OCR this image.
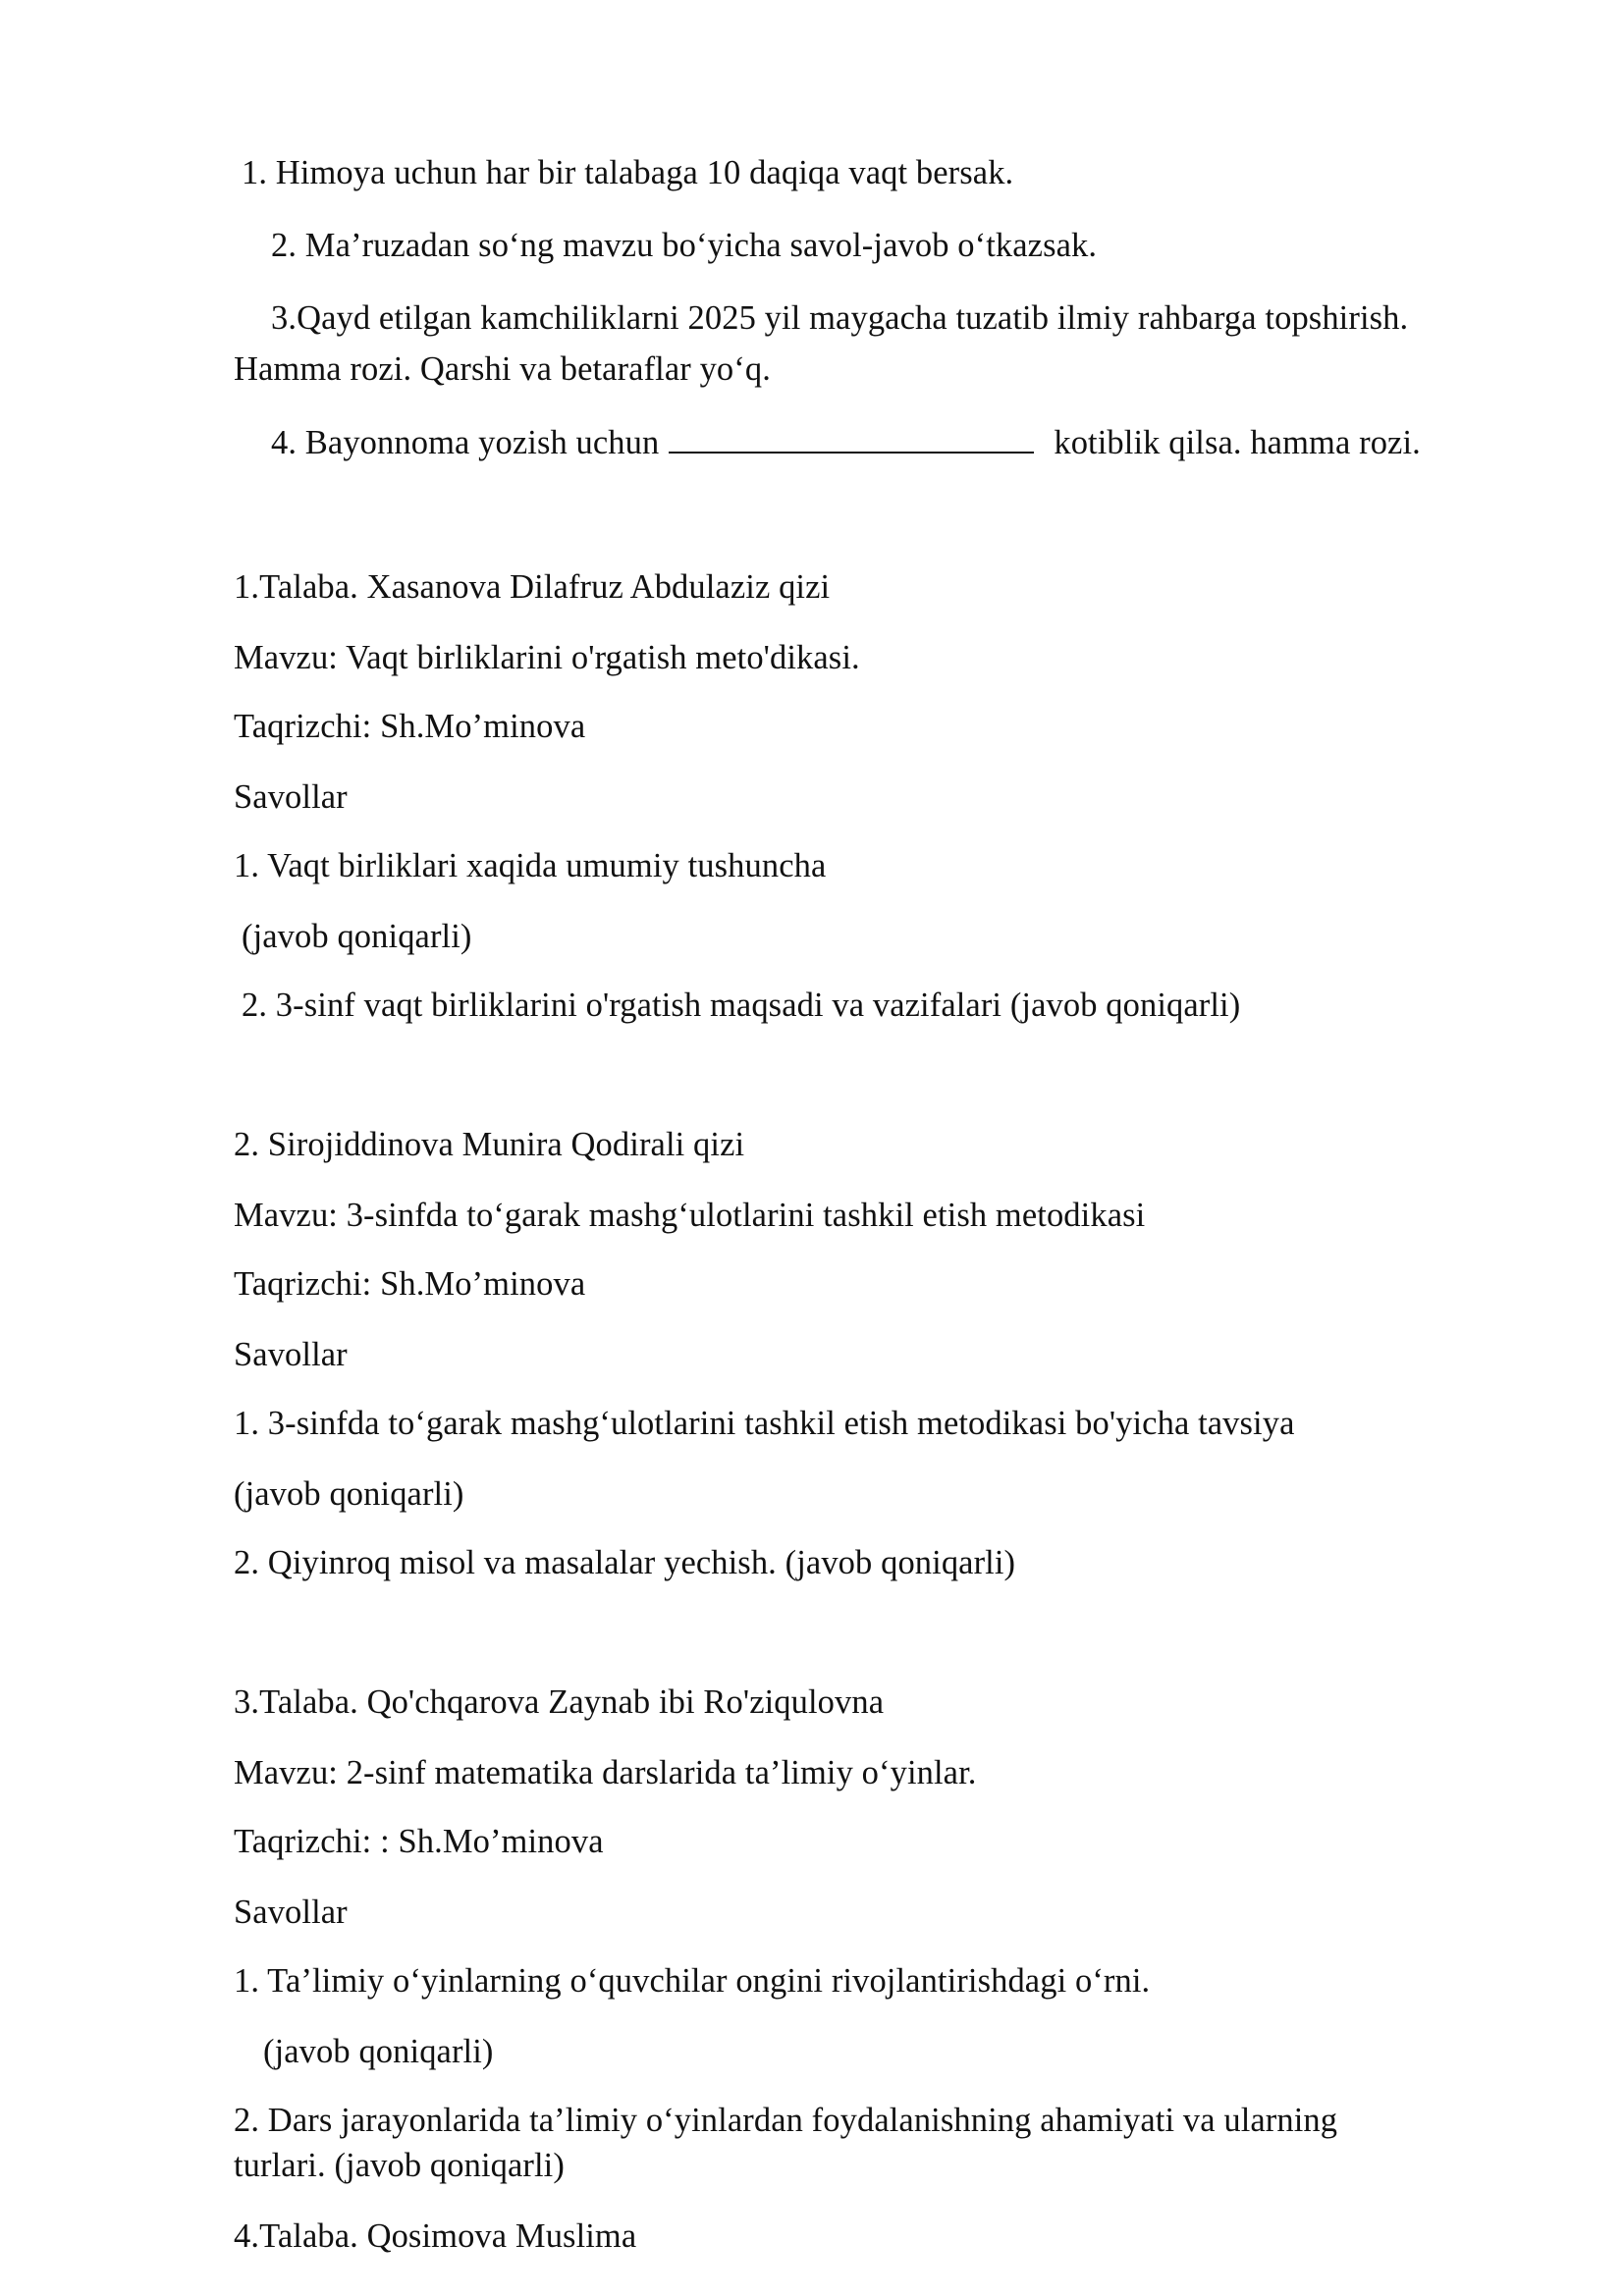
1. Himoya uchun har bir talabaga 10 daqiqa vaqt bersak.

2. Ma’ruzadan so‘ng mavzu bo‘yicha savol-javob o‘tkazsak.

3.Qayd etilgan kamchiliklarni 2025 yil maygacha tuzatib ilmiy rahbarga topshirish.

Hamma rozi. Qarshi va betaraflar yo‘q.

4. Bayonnoma yozish uchun	kotiblik qilsa. hamma rozi.

1.Talaba. Xasanova Dilafruz Abdulaziz qizi

Mavzu: Vaqt birliklarini o'rgatish meto'dikasi.

Taqrizchi: Sh.Mo’minova

Savollar

1. Vaqt birliklari xaqida umumiy tushuncha

(javob qoniqarli)

2. 3-sinf vaqt birliklarini o'rgatish maqsadi va vazifalari (javob qoniqarli)

2. Sirojiddinova Munira Qodirali qizi

Mavzu: 3-sinfda to‘garak mashg‘ulotlarini tashkil etish metodikasi

Taqrizchi: Sh.Mo’minova

Savollar

1. 3-sinfda to‘garak mashg‘ulotlarini tashkil etish metodikasi bo'yicha tavsiya

(javob qoniqarli)

2. Qiyinroq misol va masalalar yechish. (javob qoniqarli)

3.Talaba. Qo'chqarova Zaynab ibi Ro'ziqulovna

Mavzu: 2-sinf matematika darslarida ta’limiy o‘yinlar.

Taqrizchi: : Sh.Mo’minova

Savollar

1. Ta’limiy o‘yinlarning o‘quvchilar ongini rivojlantirishdagi o‘rni.

(javob qoniqarli)

2. Dars jarayonlarida ta’limiy o‘yinlardan foydalanishning ahamiyati va ularning

turlari. (javob qoniqarli)

4.Talaba. Qosimova Muslima
